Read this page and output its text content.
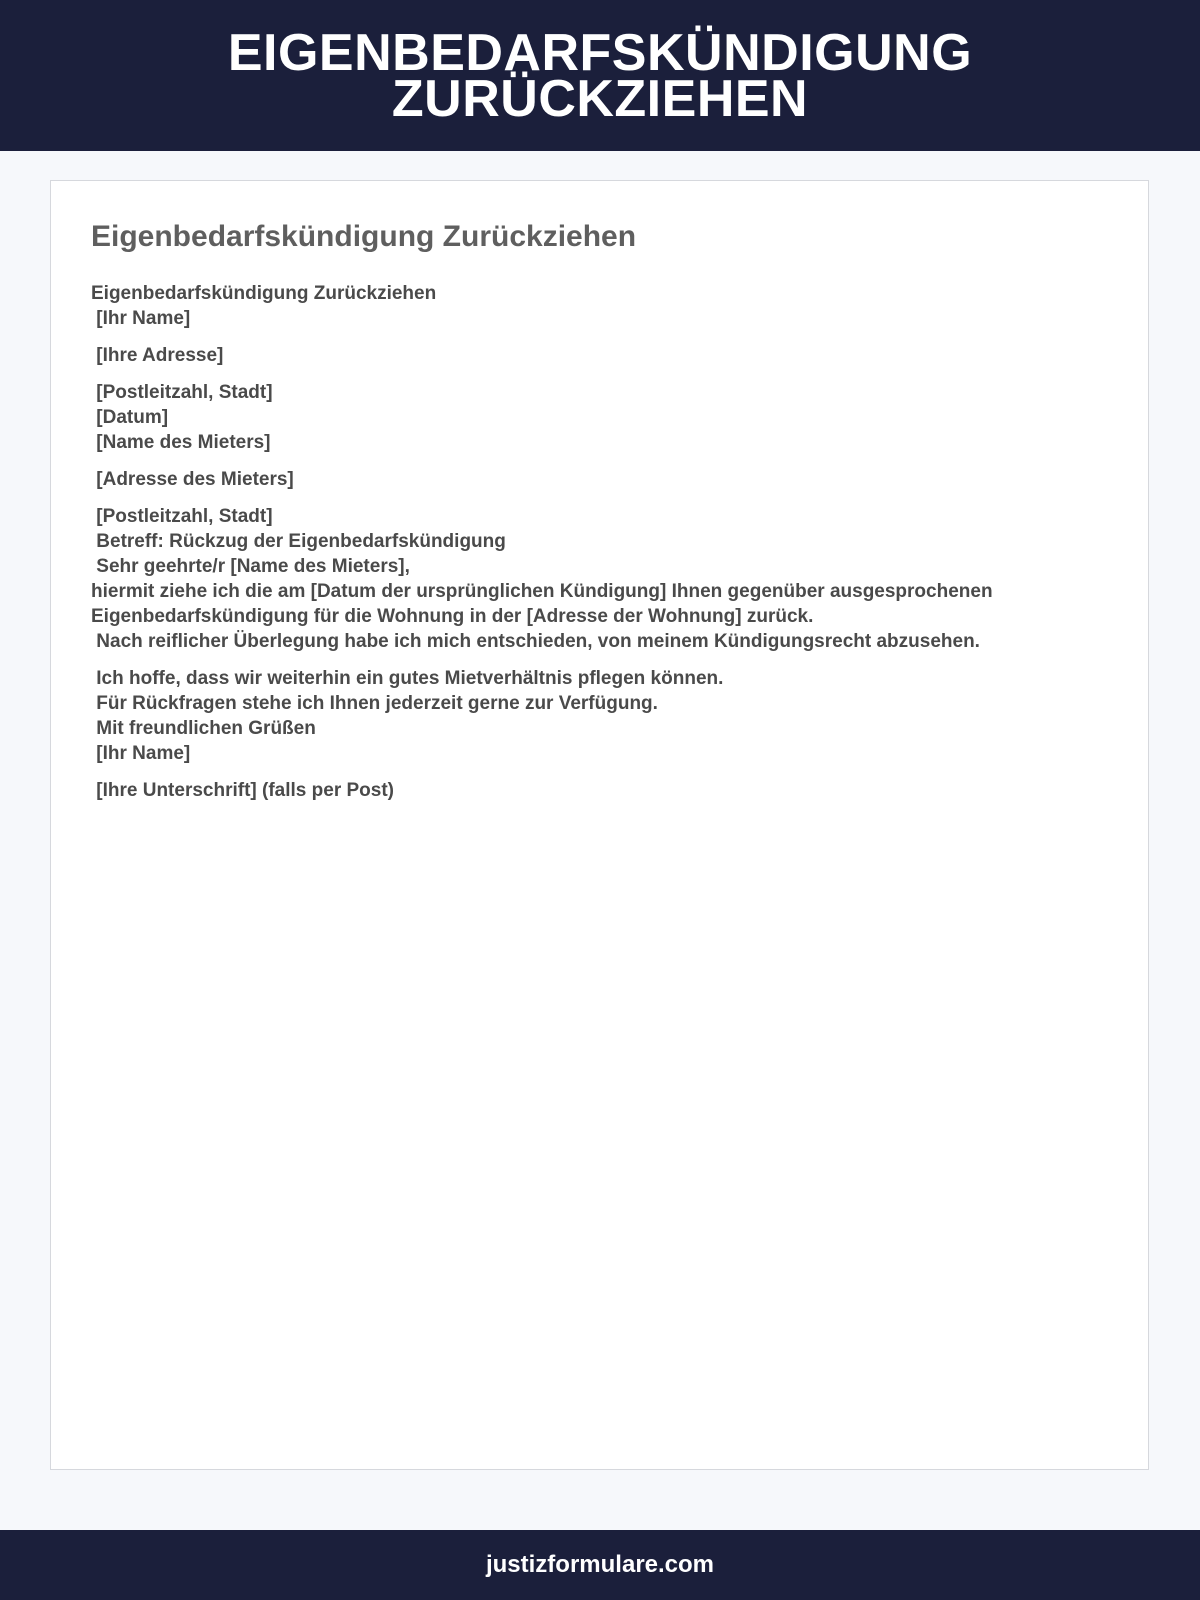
EIGENBEDARFSKÜNDIGUNG ZURÜCKZIEHEN
Eigenbedarfskündigung Zurückziehen
Eigenbedarfskündigung Zurückziehen
[Ihr Name]
[Ihre Adresse]
[Postleitzahl, Stadt]
[Datum]
[Name des Mieters]
[Adresse des Mieters]
[Postleitzahl, Stadt]
Betreff: Rückzug der Eigenbedarfskündigung
Sehr geehrte/r [Name des Mieters],
hiermit ziehe ich die am [Datum der ursprünglichen Kündigung] Ihnen gegenüber ausgesprochenen
Eigenbedarfskündigung für die Wohnung in der [Adresse der Wohnung] zurück.
Nach reiflicher Überlegung habe ich mich entschieden, von meinem Kündigungsrecht abzusehen.
Ich hoffe, dass wir weiterhin ein gutes Mietverhältnis pflegen können.
Für Rückfragen stehe ich Ihnen jederzeit gerne zur Verfügung.
Mit freundlichen Grüßen
[Ihr Name]
[Ihre Unterschrift] (falls per Post)
justizformulare.com
